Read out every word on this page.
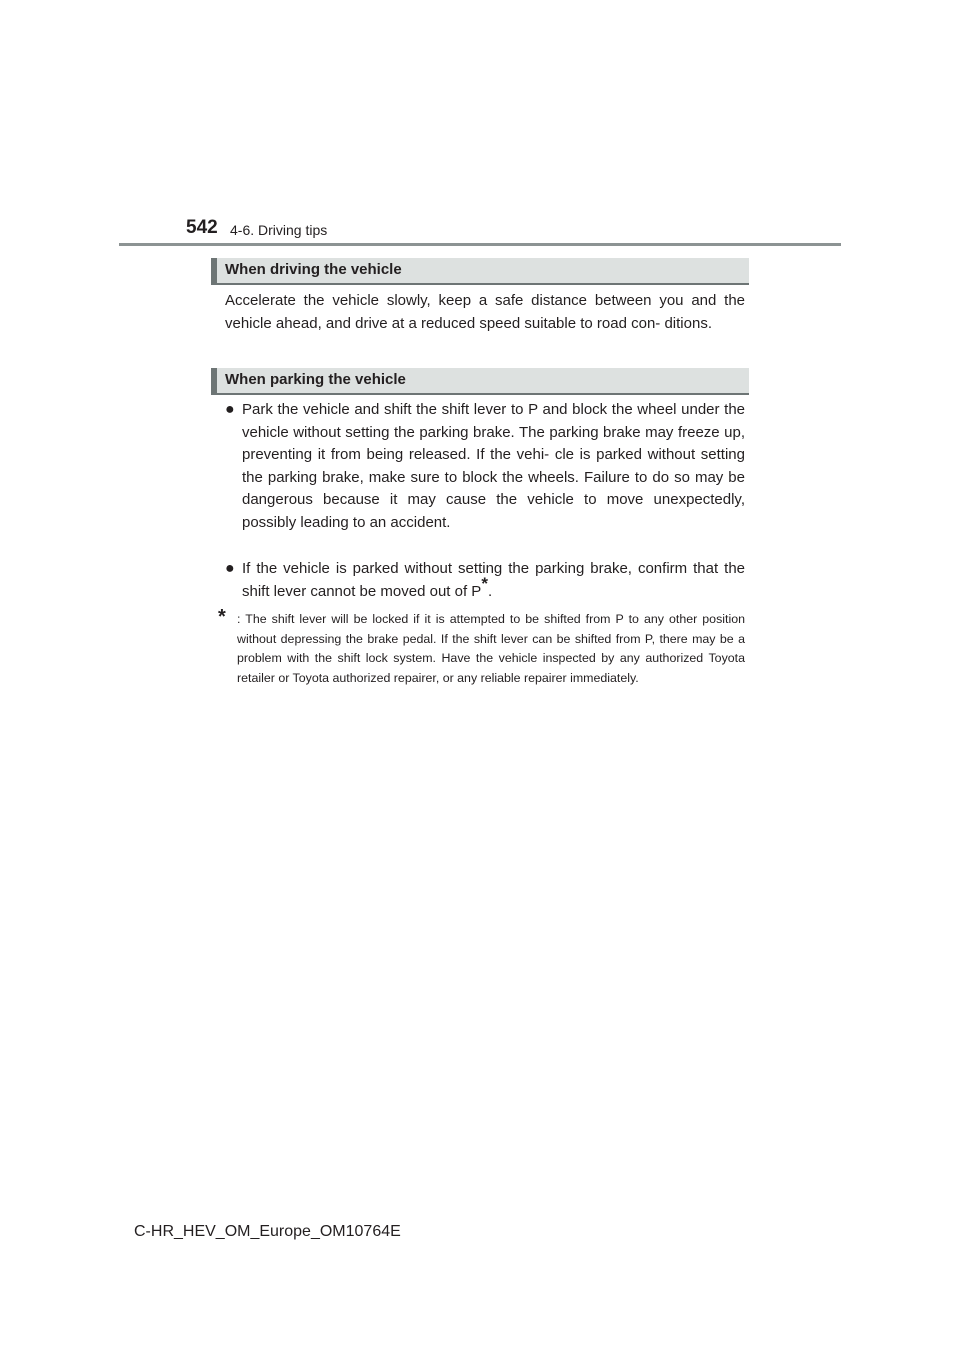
542 4-6. Driving tips
When driving the vehicle
Accelerate the vehicle slowly, keep a safe distance between you and the vehicle ahead, and drive at a reduced speed suitable to road con- ditions.
When parking the vehicle
● Park the vehicle and shift the shift lever to P and block the wheel under the vehicle without setting the parking brake. The parking brake may freeze up, preventing it from being released. If the vehi- cle is parked without setting the parking brake, make sure to block the wheels. Failure to do so may be dangerous because it may cause the vehicle to move unexpectedly, possibly leading to an accident.
● If the vehicle is parked without setting the parking brake, confirm that the shift lever cannot be moved out of P*.
* : The shift lever will be locked if it is attempted to be shifted from P to any other position without depressing the brake pedal. If the shift lever can be shifted from P, there may be a problem with the shift lock system. Have the vehicle inspected by any authorized Toyota retailer or Toyota authorized repairer, or any reliable repairer immediately.
C-HR_HEV_OM_Europe_OM10764E
